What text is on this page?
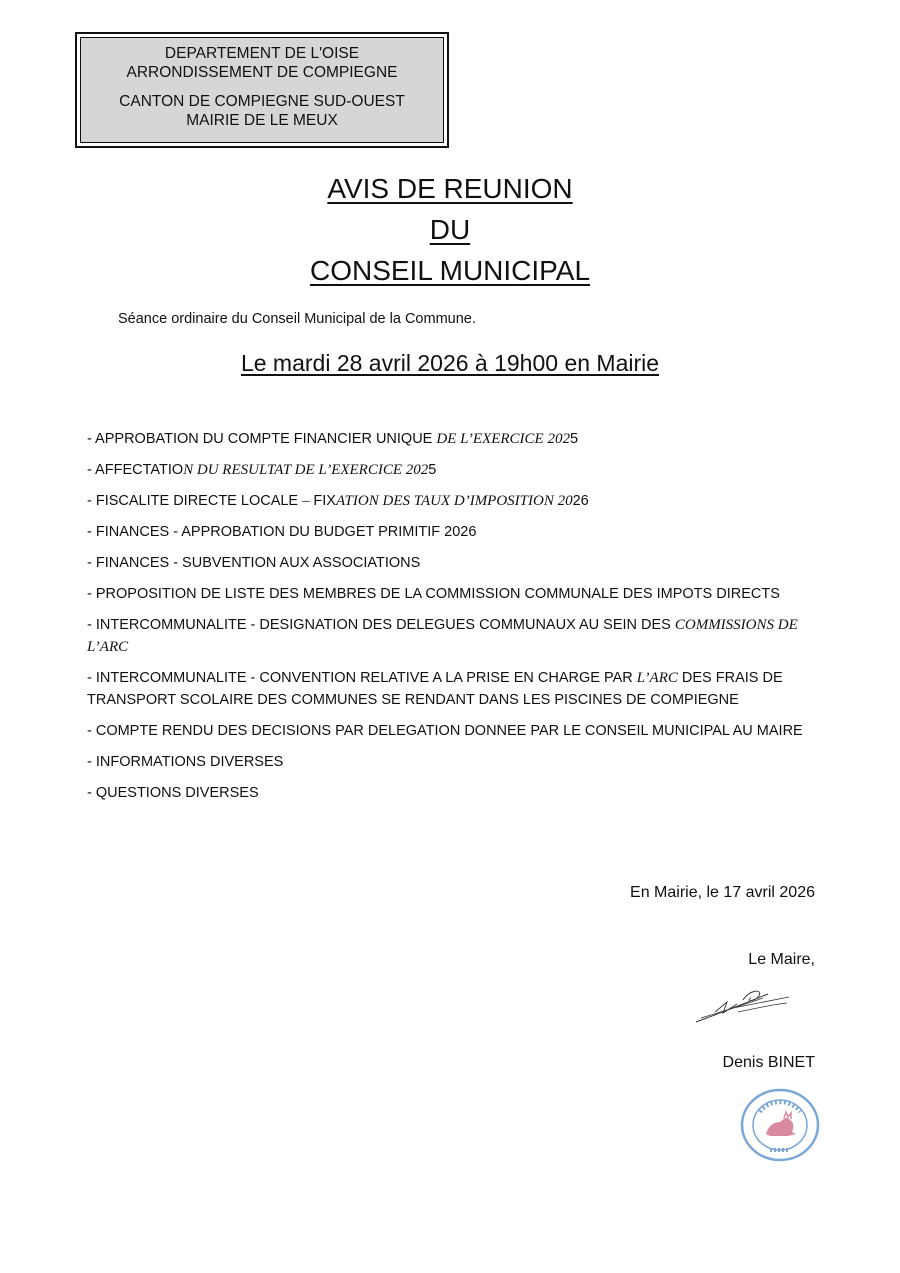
DEPARTEMENT DE L'OISE
ARRONDISSEMENT DE COMPIEGNE
CANTON DE COMPIEGNE SUD-OUEST
MAIRIE DE LE MEUX
AVIS DE REUNION
DU
CONSEIL MUNICIPAL
Séance ordinaire du Conseil Municipal de la Commune.
Le mardi 28 avril 2026 à 19h00 en Mairie
- APPROBATION DU COMPTE FINANCIER UNIQUE DE L’EXERCICE 2025
- AFFECTATION DU RESULTAT DE L’EXERCICE 2025
- FISCALITE DIRECTE LOCALE – FIXATION DES TAUX D’IMPOSITION 2026
- FINANCES - APPROBATION DU BUDGET PRIMITIF 2026
- FINANCES - SUBVENTION AUX ASSOCIATIONS
- PROPOSITION DE LISTE DES MEMBRES DE LA COMMISSION COMMUNALE DES IMPOTS DIRECTS
- INTERCOMMUNALITE - DESIGNATION DES DELEGUES COMMUNAUX AU SEIN DES COMMISSIONS DE L’ARC
- INTERCOMMUNALITE - CONVENTION RELATIVE A LA PRISE EN CHARGE PAR L’ARC DES FRAIS DE TRANSPORT SCOLAIRE DES COMMUNES SE RENDANT DANS LES PISCINES DE COMPIEGNE
- COMPTE RENDU DES DECISIONS PAR DELEGATION DONNEE PAR LE CONSEIL MUNICIPAL AU MAIRE
- INFORMATIONS DIVERSES
- QUESTIONS DIVERSES
En Mairie, le 17 avril 2026
Le Maire,
Denis BINET
